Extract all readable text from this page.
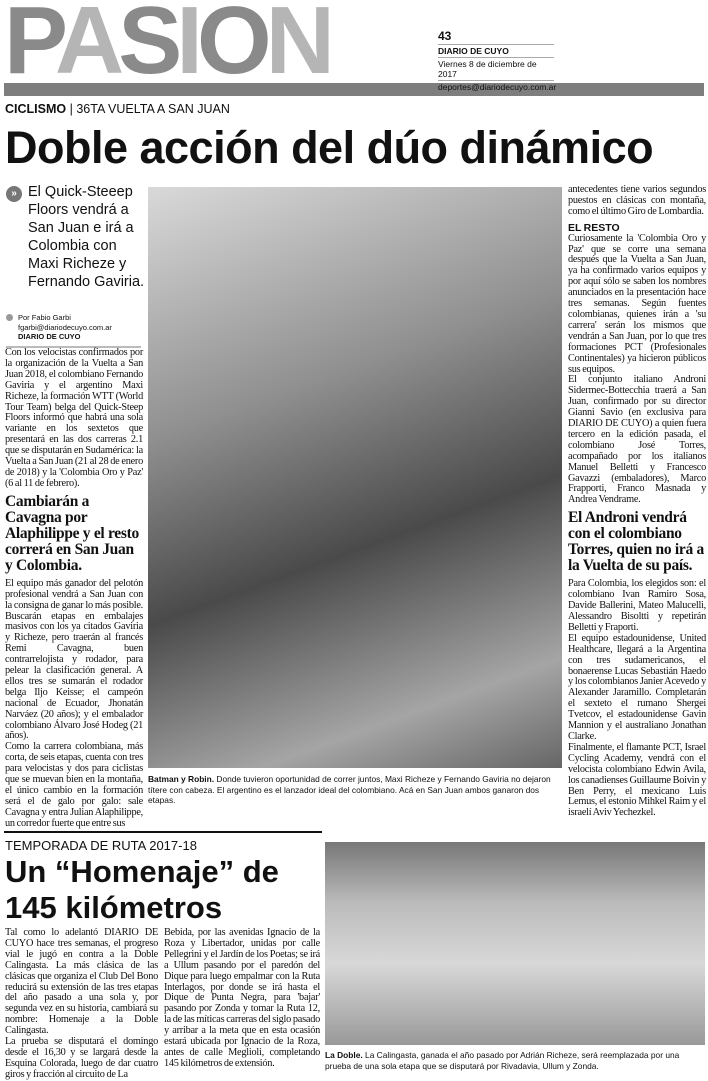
PASION	43
DIARIO DE CUYO
Viernes 8 de diciembre de 2017
deportes@diariodecuyo.com.ar
CICLISMO | 36TA VUELTA A SAN JUAN
Doble acción del dúo dinámico
» El Quick-Steeep Floors vendrá a San Juan e irá a Colombia con Maxi Richeze y Fernando Gaviria.
Por Fabio Garbi
fgarbi@diariodecuyo.com.ar
DIARIO DE CUYO

Con los velocistas confirmados por la organización de la Vuelta a San Juan 2018, el colombiano Fernando Gaviria y el argentino Maxi Richeze, la formación WTT (World Tour Team) belga del Quick-Steep Floors informó que habrá una sola variante en los sextetos que presentará en las dos carreras 2.1 que se disputarán en Sudamérica: la Vuelta a San Juan (21 al 28 de enero de 2018) y la 'Colombia Oro y Paz' (6 al 11 de febrero).

Cambiarán a Cavagna por Alaphilippe y el resto correrá en San Juan y Colombia.

El equipo más ganador del pelotón profesional vendrá a San Juan con la consigna de ganar lo más posible. Buscarán etapas en embalajes masivos con los ya citados Gaviria y Richeze, pero traerán al francés Remi Cavagna, buen contrarrelojista y rodador, para pelear la clasificación general. A ellos tres se sumarán el rodador belga Iljo Keisse; el campeón nacional de Ecuador, Jhonatán Narváez (20 años); y el embalador colombiano Álvaro José Hodeg (21 años).

Como la carrera colombiana, más corta, de seis etapas, cuenta con tres para velocistas y dos para ciclistas que se muevan bien en la montaña, el único cambio en la formación será el de galo por galo: sale Cavagna y entra Julian Alaphilippe, un corredor fuerte que entre sus

Batman y Robin. Donde tuvieron oportunidad de correr juntos, Maxi Richeze y Fernando Gaviria no dejaron títere con cabeza. El argentino es el lanzador ideal del colombiano. Acá en San Juan ambos ganaron dos etapas.

antecedentes tiene varios segundos puestos en clásicas con montaña, como el último Giro de Lombardia.

EL RESTO

Curiosamente la 'Colombia Oro y Paz' que se corre una semana después que la Vuelta a San Juan, ya ha confirmado varios equipos y por aquí sólo se saben los nombres anunciados en la presentación hace tres semanas. Según fuentes colombianas, quienes irán a 'su carrera' serán los mismos que vendrán a San Juan, por lo que tres formaciones PCT (Profesionales Continentales) ya hicieron públicos sus equipos.

El conjunto italiano Androni Sidermec-Bottecchia traerá a San Juan, confirmado por su director Gianni Savio (en exclusiva para DIARIO DE CUYO) a quien fuera tercero en la edición pasada, el colombiano José Torres, acompañado por los italianos Manuel Belletti y Francesco Gavazzi (embaladores), Marco Frapporti, Franco Masnada y Andrea Vendrame.

El Androni vendrá con el colombiano Torres, quien no irá a la Vuelta de su país.

Para Colombia, los elegidos son: el colombiano Ivan Ramiro Sosa, Davide Ballerini, Mateo Malucelli, Alessandro Bisoltti y repetirán Belletti y Fraporti.

El equipo estadounidense, United Healthcare, llegará a la Argentina con tres sudamericanos, el bonaerense Lucas Sebastián Haedo y los colombianos Janier Acevedo y Alexander Jaramillo. Completarán el sexteto el rumano Shergei Tvetcov, el estadounidense Gavin Mannion y el australiano Jonathan Clarke.

Finalmente, el flamante PCT, Israel Cycling Academy, vendrá con el velocista colombiano Edwin Avila, los canadienses Guillaume Boivin y Ben Perry, el mexicano Luis Lemus, el estonio Mihkel Raim y el israelí Aviv Yechezkel.

TEMPORADA DE RUTA 2017-18
Un “Homenaje” de 145 kilómetros

Tal como lo adelantó DIARIO DE CUYO hace tres semanas, el progreso vial le jugó en contra a la Doble Calingasta. La más clásica de las clásicas que organiza el Club Del Bono reducirá su extensión de las tres etapas del año pasado a una sola y, por segunda vez en su historia, cambiará su nombre: Homenaje a la Doble Calingasta.

La prueba se disputará el domingo desde el 16,30 y se largará desde la Esquina Colorada, luego de dar cuatro giros y fracción al circuito de La

Bebida, por las avenidas Ignacio de la Roza y Libertador, unidas por calle Pellegrini y el Jardín de los Poetas; se irá a Ullum pasando por el paredón del Dique para luego empalmar con la Ruta Interlagos, por donde se irá hasta el Dique de Punta Negra, para 'bajar' pasando por Zonda y tomar la Ruta 12, la de las míticas carreras del siglo pasado y arribar a la meta que en esta ocasión estará ubicada por Ignacio de la Roza, antes de calle Meglioli, completando 145 kilómetros de extensión.

La Doble. La Calingasta, ganada el año pasado por Adrián Richeze, será reemplazada por una prueba de una sola etapa que se disputará por Rivadavia, Ullum y Zonda.
